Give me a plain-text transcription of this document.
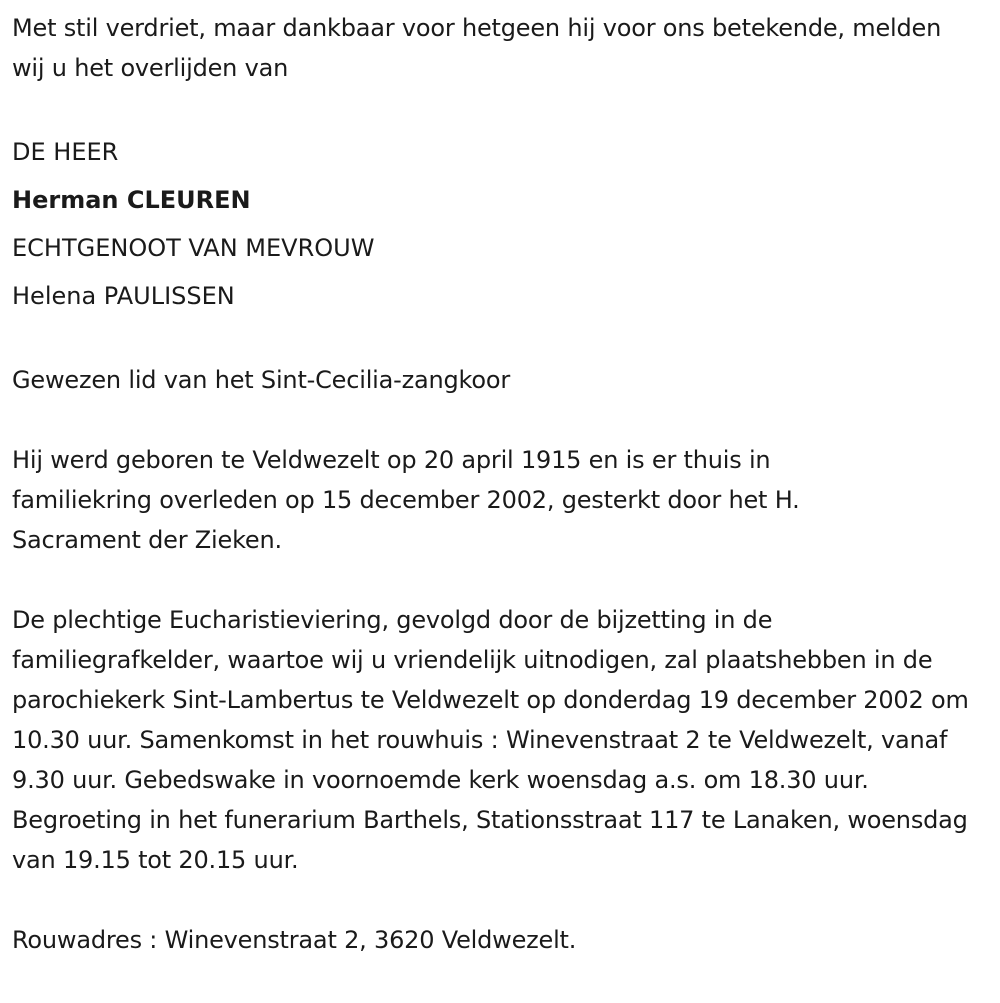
Met stil verdriet, maar dankbaar voor hetgeen hij voor ons betekende, melden wij u het overlijden van

DE HEER

Herman CLEUREN

ECHTGENOOT VAN MEVROUW

Helena PAULISSEN

Gewezen lid van het Sint-Cecilia-zangkoor

Hij werd geboren te Veldwezelt op 20 april 1915 en is er thuis in familiekring overleden op 15 december 2002, gesterkt door het H. Sacrament der Zieken.

De plechtige Eucharistieviering, gevolgd door de bijzetting in de familiegrafkelder, waartoe wij u vriendelijk uitnodigen, zal plaatshebben in de parochiekerk Sint-Lambertus te Veldwezelt op donderdag 19 december 2002 om 10.30 uur. Samenkomst in het rouwhuis : Winevenstraat 2 te Veldwezelt, vanaf 9.30 uur. Gebedswake in voornoemde kerk woensdag a.s. om 18.30 uur. Begroeting in het funerarium Barthels, Stationsstraat 117 te Lanaken, woensdag van 19.15 tot 20.15 uur.

Rouwadres : Winevenstraat 2, 3620 Veldwezelt.
